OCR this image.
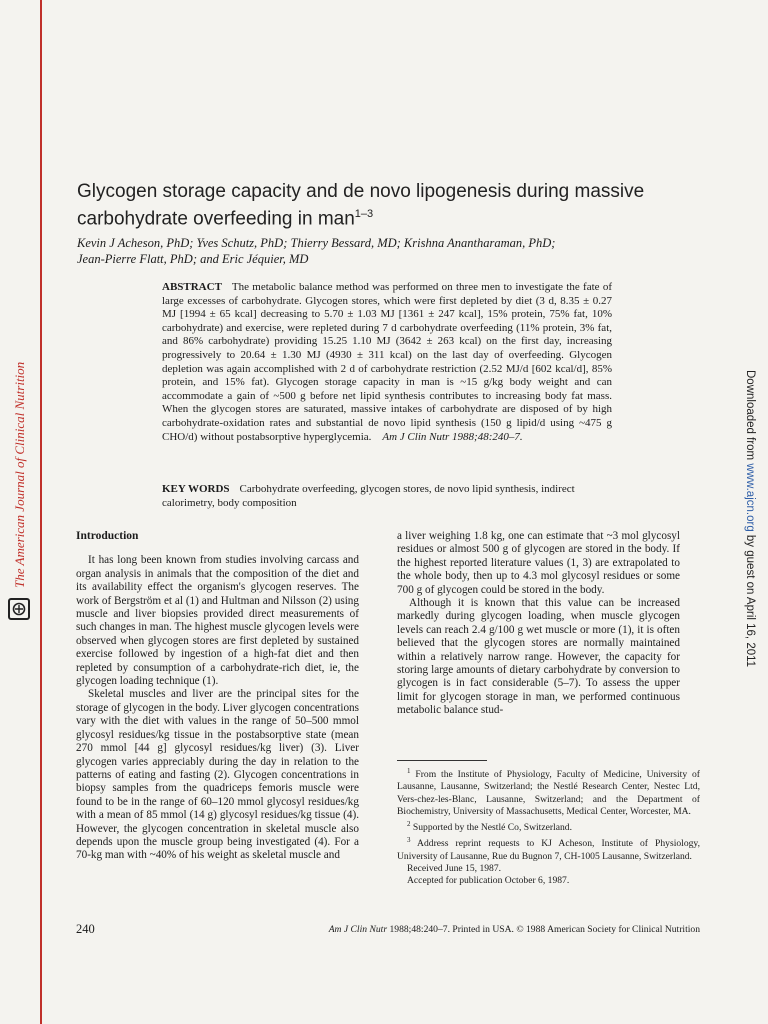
The American Journal of Clinical Nutrition	Downloaded from www.ajcn.org by guest on April 16, 2011
Glycogen storage capacity and de novo lipogenesis during massive carbohydrate overfeeding in man$^{1-3}$
Kevin J Acheson, PhD; Yves Schutz, PhD; Thierry Bessard, MD; Krishna Anantharaman, PhD;
Jean-Pierre Flatt, PhD; and Eric Jéquier, MD
ABSTRACT The metabolic balance method was performed on three men to investigate the fate of large excesses of carbohydrate. Glycogen stores, which were first depleted by diet (3 d, 8.35 ± 0.27 MJ [1994 ± 65 kcal] decreasing to 5.70 ± 1.03 MJ [1361 ± 247 kcal], 15% protein, 75% fat, 10% carbohydrate) and exercise, were repleted during 7 d carbohydrate overfeeding (11% protein, 3% fat, and 86% carbohydrate) providing 15.25 1.10 MJ (3642 ± 263 kcal) on the first day, increasing progressively to 20.64 ± 1.30 MJ (4930 ± 311 kcal) on the last day of overfeeding. Glycogen depletion was again accomplished with 2 d of carbohydrate restriction (2.52 MJ/d [602 kcal/d], 85% protein, and 15% fat). Glycogen storage capacity in man is ~15 g/kg body weight and can accommodate a gain of ~500 g before net lipid synthesis contributes to increasing body fat mass. When the glycogen stores are saturated, massive intakes of carbohydrate are disposed of by high carbohydrate-oxidation rates and substantial de novo lipid synthesis (150 g lipid/d using ~475 g CHO/d) without postabsorptive hyperglycemia. Am J Clin Nutr 1988;48:240–7.
KEY WORDS Carbohydrate overfeeding, glycogen stores, de novo lipid synthesis, indirect calorimetry, body composition
Introduction

It has long been known from studies involving carcass and organ analysis in animals that the composition of the diet and its availability effect the organism's glycogen reserves. The work of Bergström et al (1) and Hultman and Nilsson (2) using muscle and liver biopsies provided direct measurements of such changes in man. The highest muscle glycogen levels were observed when glycogen stores are first depleted by sustained exercise followed by ingestion of a high-fat diet and then repleted by consumption of a carbohydrate-rich diet, ie, the glycogen loading technique (1).

Skeletal muscles and liver are the principal sites for the storage of glycogen in the body. Liver glycogen concentrations vary with the diet with values in the range of 50–500 mmol glycosyl residues/kg tissue in the postabsorptive state (mean 270 mmol [44 g] glycosyl residues/kg liver) (3). Liver glycogen varies appreciably during the day in relation to the patterns of eating and fasting (2). Glycogen concentrations in biopsy samples from the quadriceps femoris muscle were found to be in the range of 60–120 mmol glycosyl residues/kg with a mean of 85 mmol (14 g) glycosyl residues/kg tissue (4). However, the glycogen concentration in skeletal muscle also depends upon the muscle group being investigated (4). For a 70-kg man with ~40% of his weight as skeletal muscle and

a liver weighing 1.8 kg, one can estimate that ~3 mol glycosyl residues or almost 500 g of glycogen are stored in the body. If the highest reported literature values (1, 3) are extrapolated to the whole body, then up to 4.3 mol glycosyl residues or some 700 g of glycogen could be stored in the body.

Although it is known that this value can be increased markedly during glycogen loading, when muscle glycogen levels can reach 2.4 g/100 g wet muscle or more (1), it is often believed that the glycogen stores are normally maintained within a relatively narrow range. However, the capacity for storing large amounts of dietary carbohydrate by conversion to glycogen is in fact considerable (5–7). To assess the upper limit for glycogen storage in man, we performed continuous metabolic balance stud-

$^1$ From the Institute of Physiology, Faculty of Medicine, University of Lausanne, Lausanne, Switzerland; the Nestlé Research Center, Nestec Ltd, Vers-chez-les-Blanc, Lausanne, Switzerland; and the Department of Biochemistry, University of Massachusetts, Medical Center, Worcester, MA.

$^2$ Supported by the Nestlé Co, Switzerland.

$^3$ Address reprint requests to KJ Acheson, Institute of Physiology, University of Lausanne, Rue du Bugnon 7, CH-1005 Lausanne, Switzerland.

Received June 15, 1987.

Accepted for publication October 6, 1987.

240	Am J Clin Nutr 1988;48:240–7. Printed in USA. © 1988 American Society for Clinical Nutrition
